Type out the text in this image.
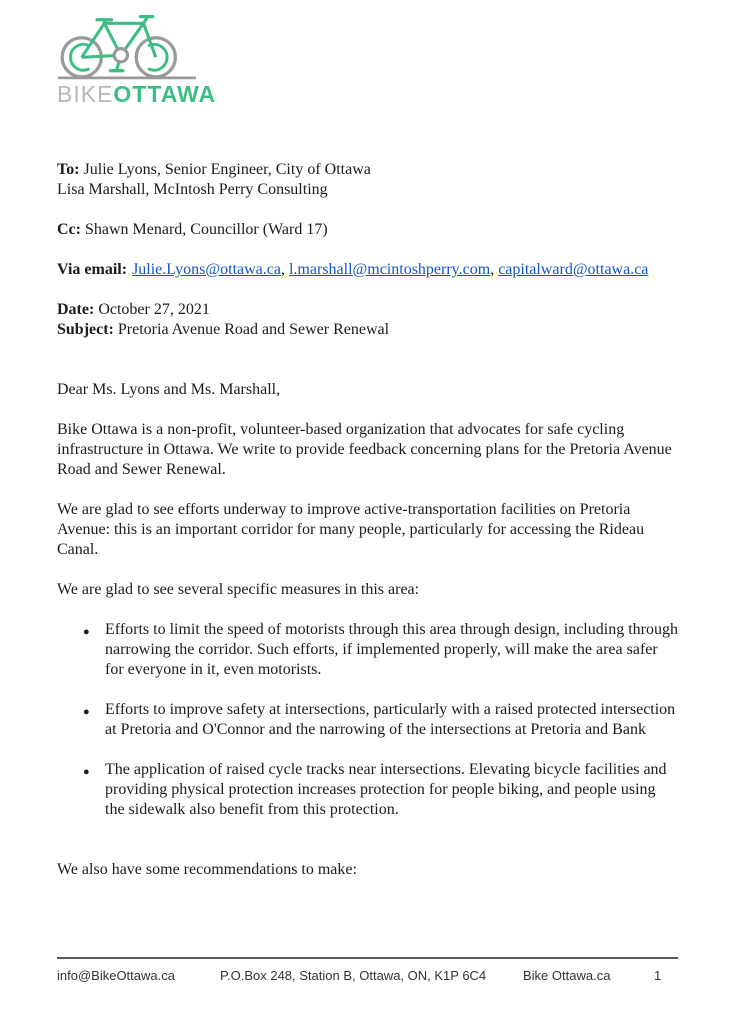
BIKEOTTAWA
To: Julie Lyons, Senior Engineer, City of Ottawa
Lisa Marshall, McIntosh Perry Consulting
Cc: Shawn Menard, Councillor (Ward 17)
Via email: Julie.Lyons@ottawa.ca, l.marshall@mcintoshperry.com, capitalward@ottawa.ca
Date: October 27, 2021
Subject: Pretoria Avenue Road and Sewer Renewal

Dear Ms. Lyons and Ms. Marshall,

Bike Ottawa is a non-profit, volunteer-based organization that advocates for safe cycling infrastructure in Ottawa. We write to provide feedback concerning plans for the Pretoria Avenue Road and Sewer Renewal.

We are glad to see efforts underway to improve active-transportation facilities on Pretoria Avenue: this is an important corridor for many people, particularly for accessing the Rideau Canal.

We are glad to see several specific measures in this area:

● Efforts to limit the speed of motorists through this area through design, including through narrowing the corridor. Such efforts, if implemented properly, will make the area safer for everyone in it, even motorists.
● Efforts to improve safety at intersections, particularly with a raised protected intersection at Pretoria and O'Connor and the narrowing of the intersections at Pretoria and Bank
● The application of raised cycle tracks near intersections. Elevating bicycle facilities and providing physical protection increases protection for people biking, and people using the sidewalk also benefit from this protection.

We also have some recommendations to make:

info@BikeOttawa.ca	P.O.Box 248, Station B, Ottawa, ON, K1P 6C4	Bike Ottawa.ca	1
